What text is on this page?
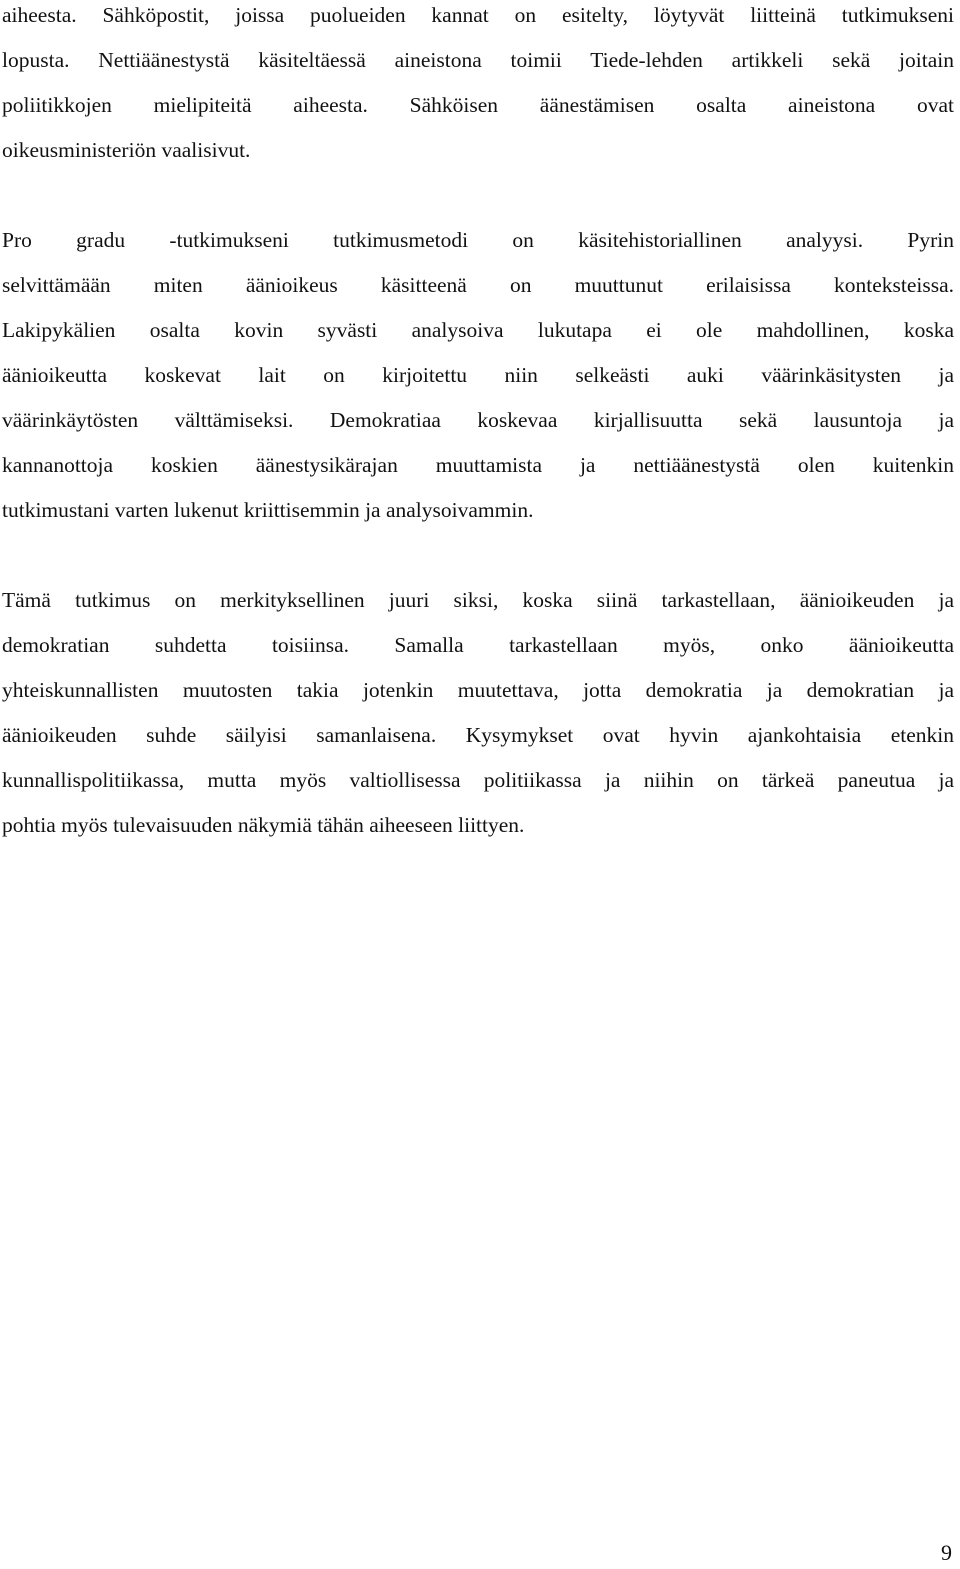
aiheesta. Sähköpostit, joissa puolueiden kannat on esitelty, löytyvät liitteinä tutkimukseni
lopusta. Nettiäänestystä käsiteltäessä aineistona toimii Tiede-lehden artikkeli sekä joitain
poliitikkojen mielipiteitä aiheesta. Sähköisen äänestämisen osalta aineistona ovat
oikeusministeriön vaalisivut.
Pro gradu -tutkimukseni tutkimusmetodi on käsitehistoriallinen analyysi. Pyrin
selvittämään miten äänioikeus käsitteenä on muuttunut erilaisissa konteksteissa.
Lakipykälien osalta kovin syvästi analysoiva lukutapa ei ole mahdollinen, koska
äänioikeutta koskevat lait on kirjoitettu niin selkeästi auki väärinkäsitysten ja
väärinkäytösten välttämiseksi. Demokratiaa koskevaa kirjallisuutta sekä lausuntoja ja
kannanottoja koskien äänestysikärajan muuttamista ja nettiäänestystä olen kuitenkin
tutkimustani varten lukenut kriittisemmin ja analysoivammin.
Tämä tutkimus on merkityksellinen juuri siksi, koska siinä tarkastellaan, äänioikeuden ja
demokratian suhdetta toisiinsa. Samalla tarkastellaan myös, onko äänioikeutta
yhteiskunnallisten muutosten takia jotenkin muutettava, jotta demokratia ja demokratian ja
äänioikeuden suhde säilyisi samanlaisena. Kysymykset ovat hyvin ajankohtaisia etenkin
kunnallispolitiikassa, mutta myös valtiollisessa politiikassa ja niihin on tärkeä paneutua ja
pohtia myös tulevaisuuden näkymiä tähän aiheeseen liittyen.
9
